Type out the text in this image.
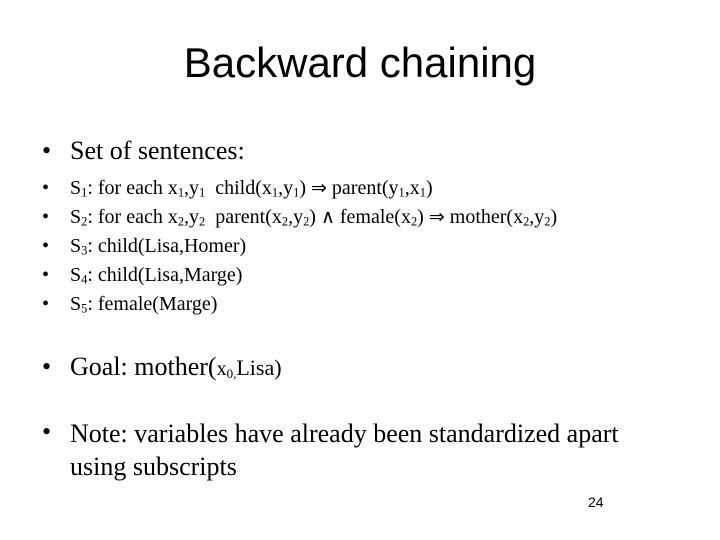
Backward chaining
• Set of sentences:
• $S_1$: for each $x_1,y_1$ $child(x_1,y_1)$ ⇒ $parent(y_1,x_1)$
• $S_2$: for each $x_2,y_2$ $parent(x_2,y_2)$ ∧ $female(x_2)$ ⇒ $mother(x_2,y_2)$
• $S_3$: child(Lisa,Homer)
• $S_4$: child(Lisa,Marge)
• $S_5$: female(Marge)
• Goal: $mother(x_{0,}Lisa)$
• Note: variables have already been standardized apart using subscripts
24
